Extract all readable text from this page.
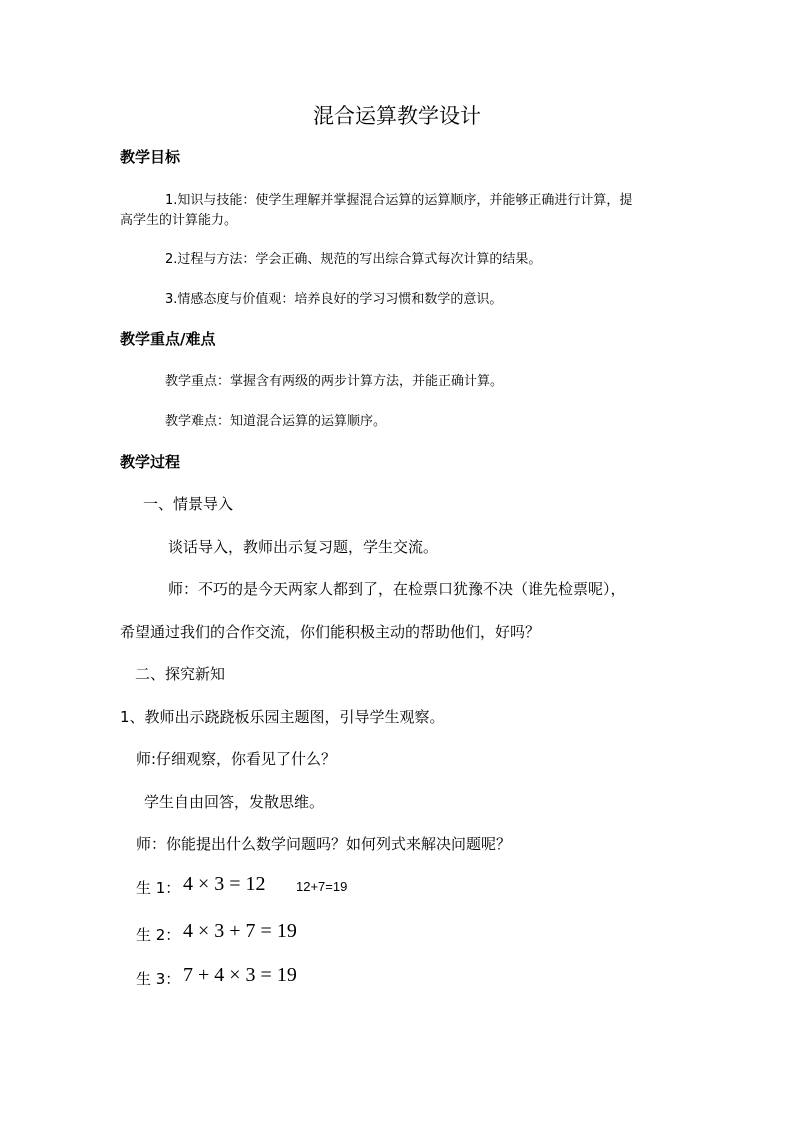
混合运算教学设计
教学目标
1.知识与技能：使学生理解并掌握混合运算的运算顺序，并能够正确进行计算，提
高学生的计算能力。
2.过程与方法：学会正确、规范的写出综合算式每次计算的结果。
3.情感态度与价值观：培养良好的学习习惯和数学的意识。
教学重点/难点
教学重点：掌握含有两级的两步计算方法，并能正确计算。
教学难点：知道混合运算的运算顺序。
教学过程
一、情景导入
谈话导入，教师出示复习题，学生交流。
师：不巧的是今天两家人都到了，在检票口犹豫不决（谁先检票呢），
希望通过我们的合作交流，你们能积极主动的帮助他们，好吗？
二、探究新知
1、教师出示跷跷板乐园主题图，引导学生观察。
师:仔细观察，你看见了什么？
学生自由回答，发散思维。
师：你能提出什么数学问题吗？如何列式来解决问题呢？
生 1： 4 × 3 = 12 12+7=19
生 2： 4 × 3 + 7 = 19
生 3： 7 + 4 × 3 = 19
